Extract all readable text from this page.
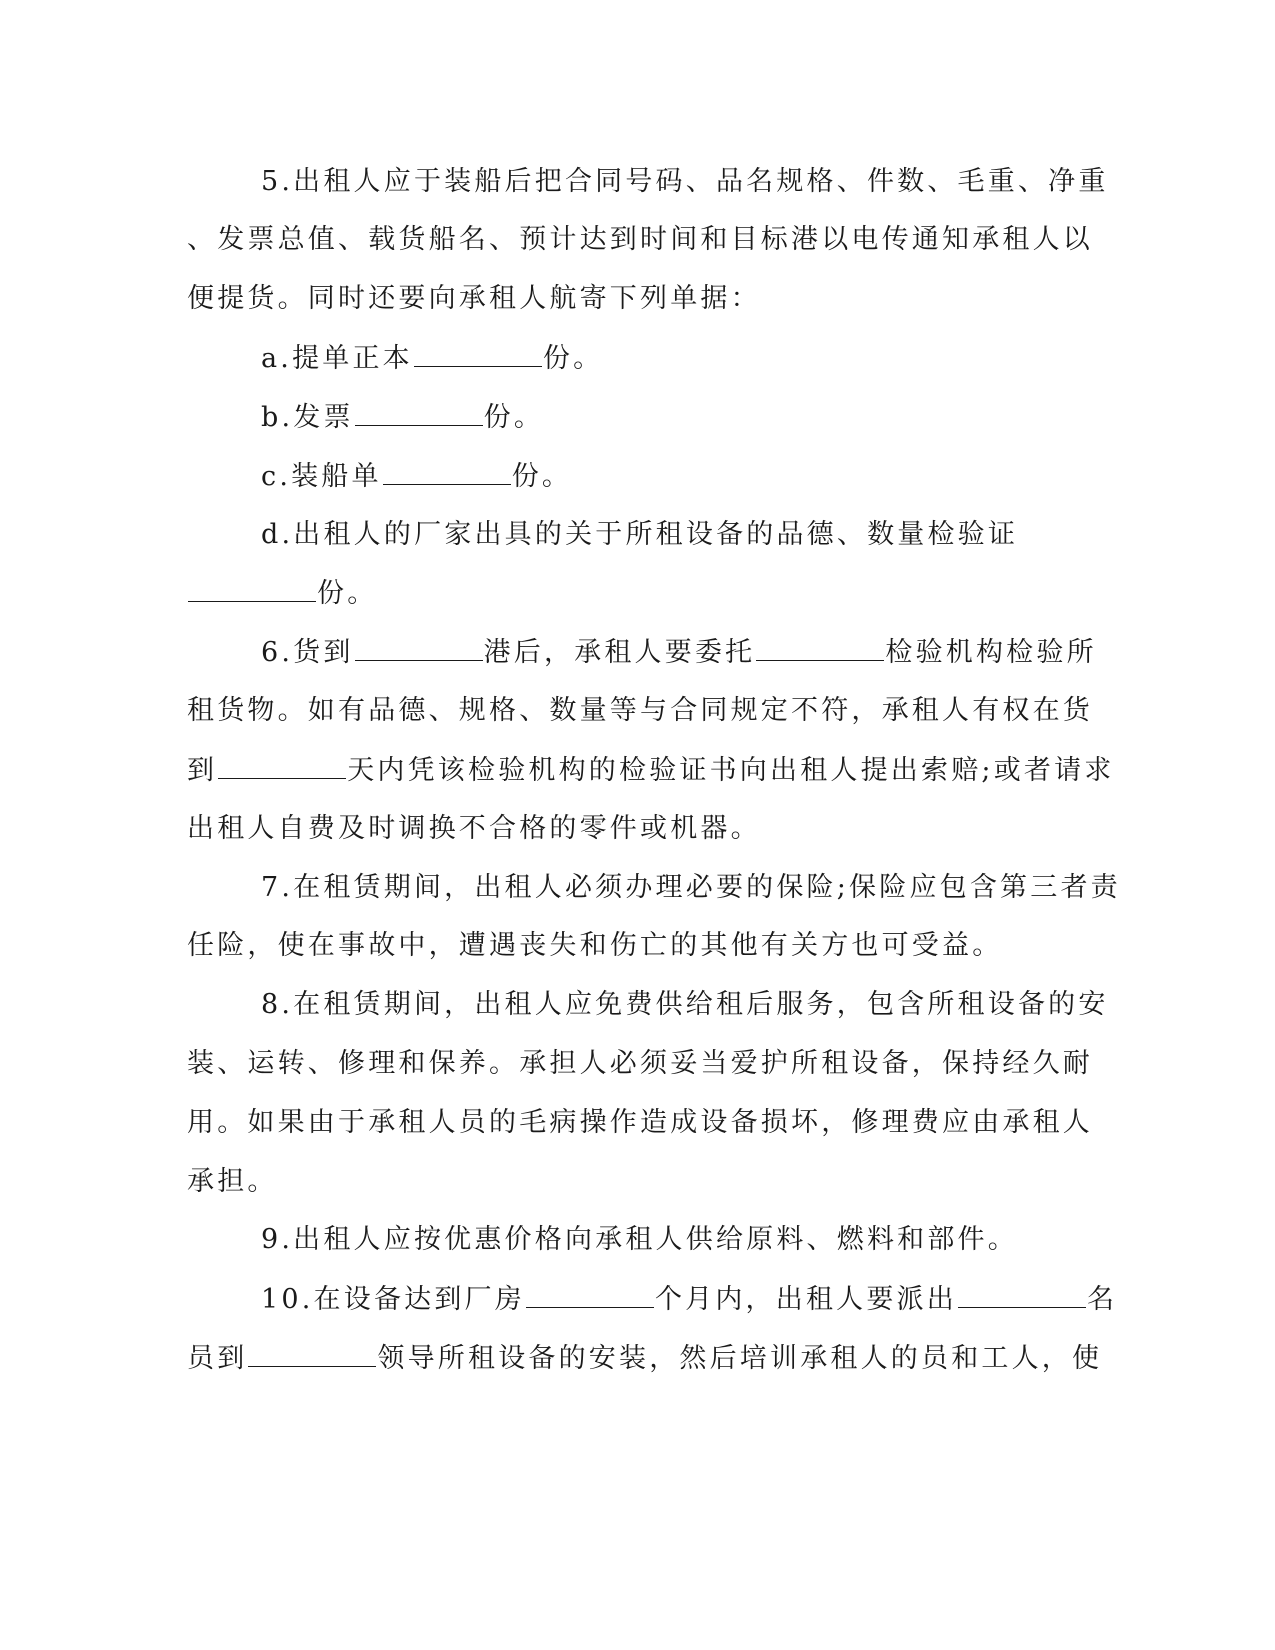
5.出租人应于装船后把合同号码、品名规格、件数、毛重、净重
、发票总值、载货船名、预计达到时间和目标港以电传通知承租人以
便提货。同时还要向承租人航寄下列单据：
a.提单正本	份。
b.发票	份。
c.装船单	份。
d.出租人的厂家出具的关于所租设备的品德、数量检验证
份。
6.货到	港后，承租人要委托	检验机构检验所
租货物。如有品德、规格、数量等与合同规定不符，承租人有权在货
到	天内凭该检验机构的检验证书向出租人提出索赔;或者请求
出租人自费及时调换不合格的零件或机器。
7.在租赁期间，出租人必须办理必要的保险;保险应包含第三者责
任险，使在事故中，遭遇丧失和伤亡的其他有关方也可受益。
8.在租赁期间，出租人应免费供给租后服务，包含所租设备的安
装、运转、修理和保养。承担人必须妥当爱护所租设备，保持经久耐
用。如果由于承租人员的毛病操作造成设备损坏，修理费应由承租人
承担。
9.出租人应按优惠价格向承租人供给原料、燃料和部件。
10.在设备达到厂房	个月内，出租人要派出	名
员到	领导所租设备的安装，然后培训承租人的员和工人，使
